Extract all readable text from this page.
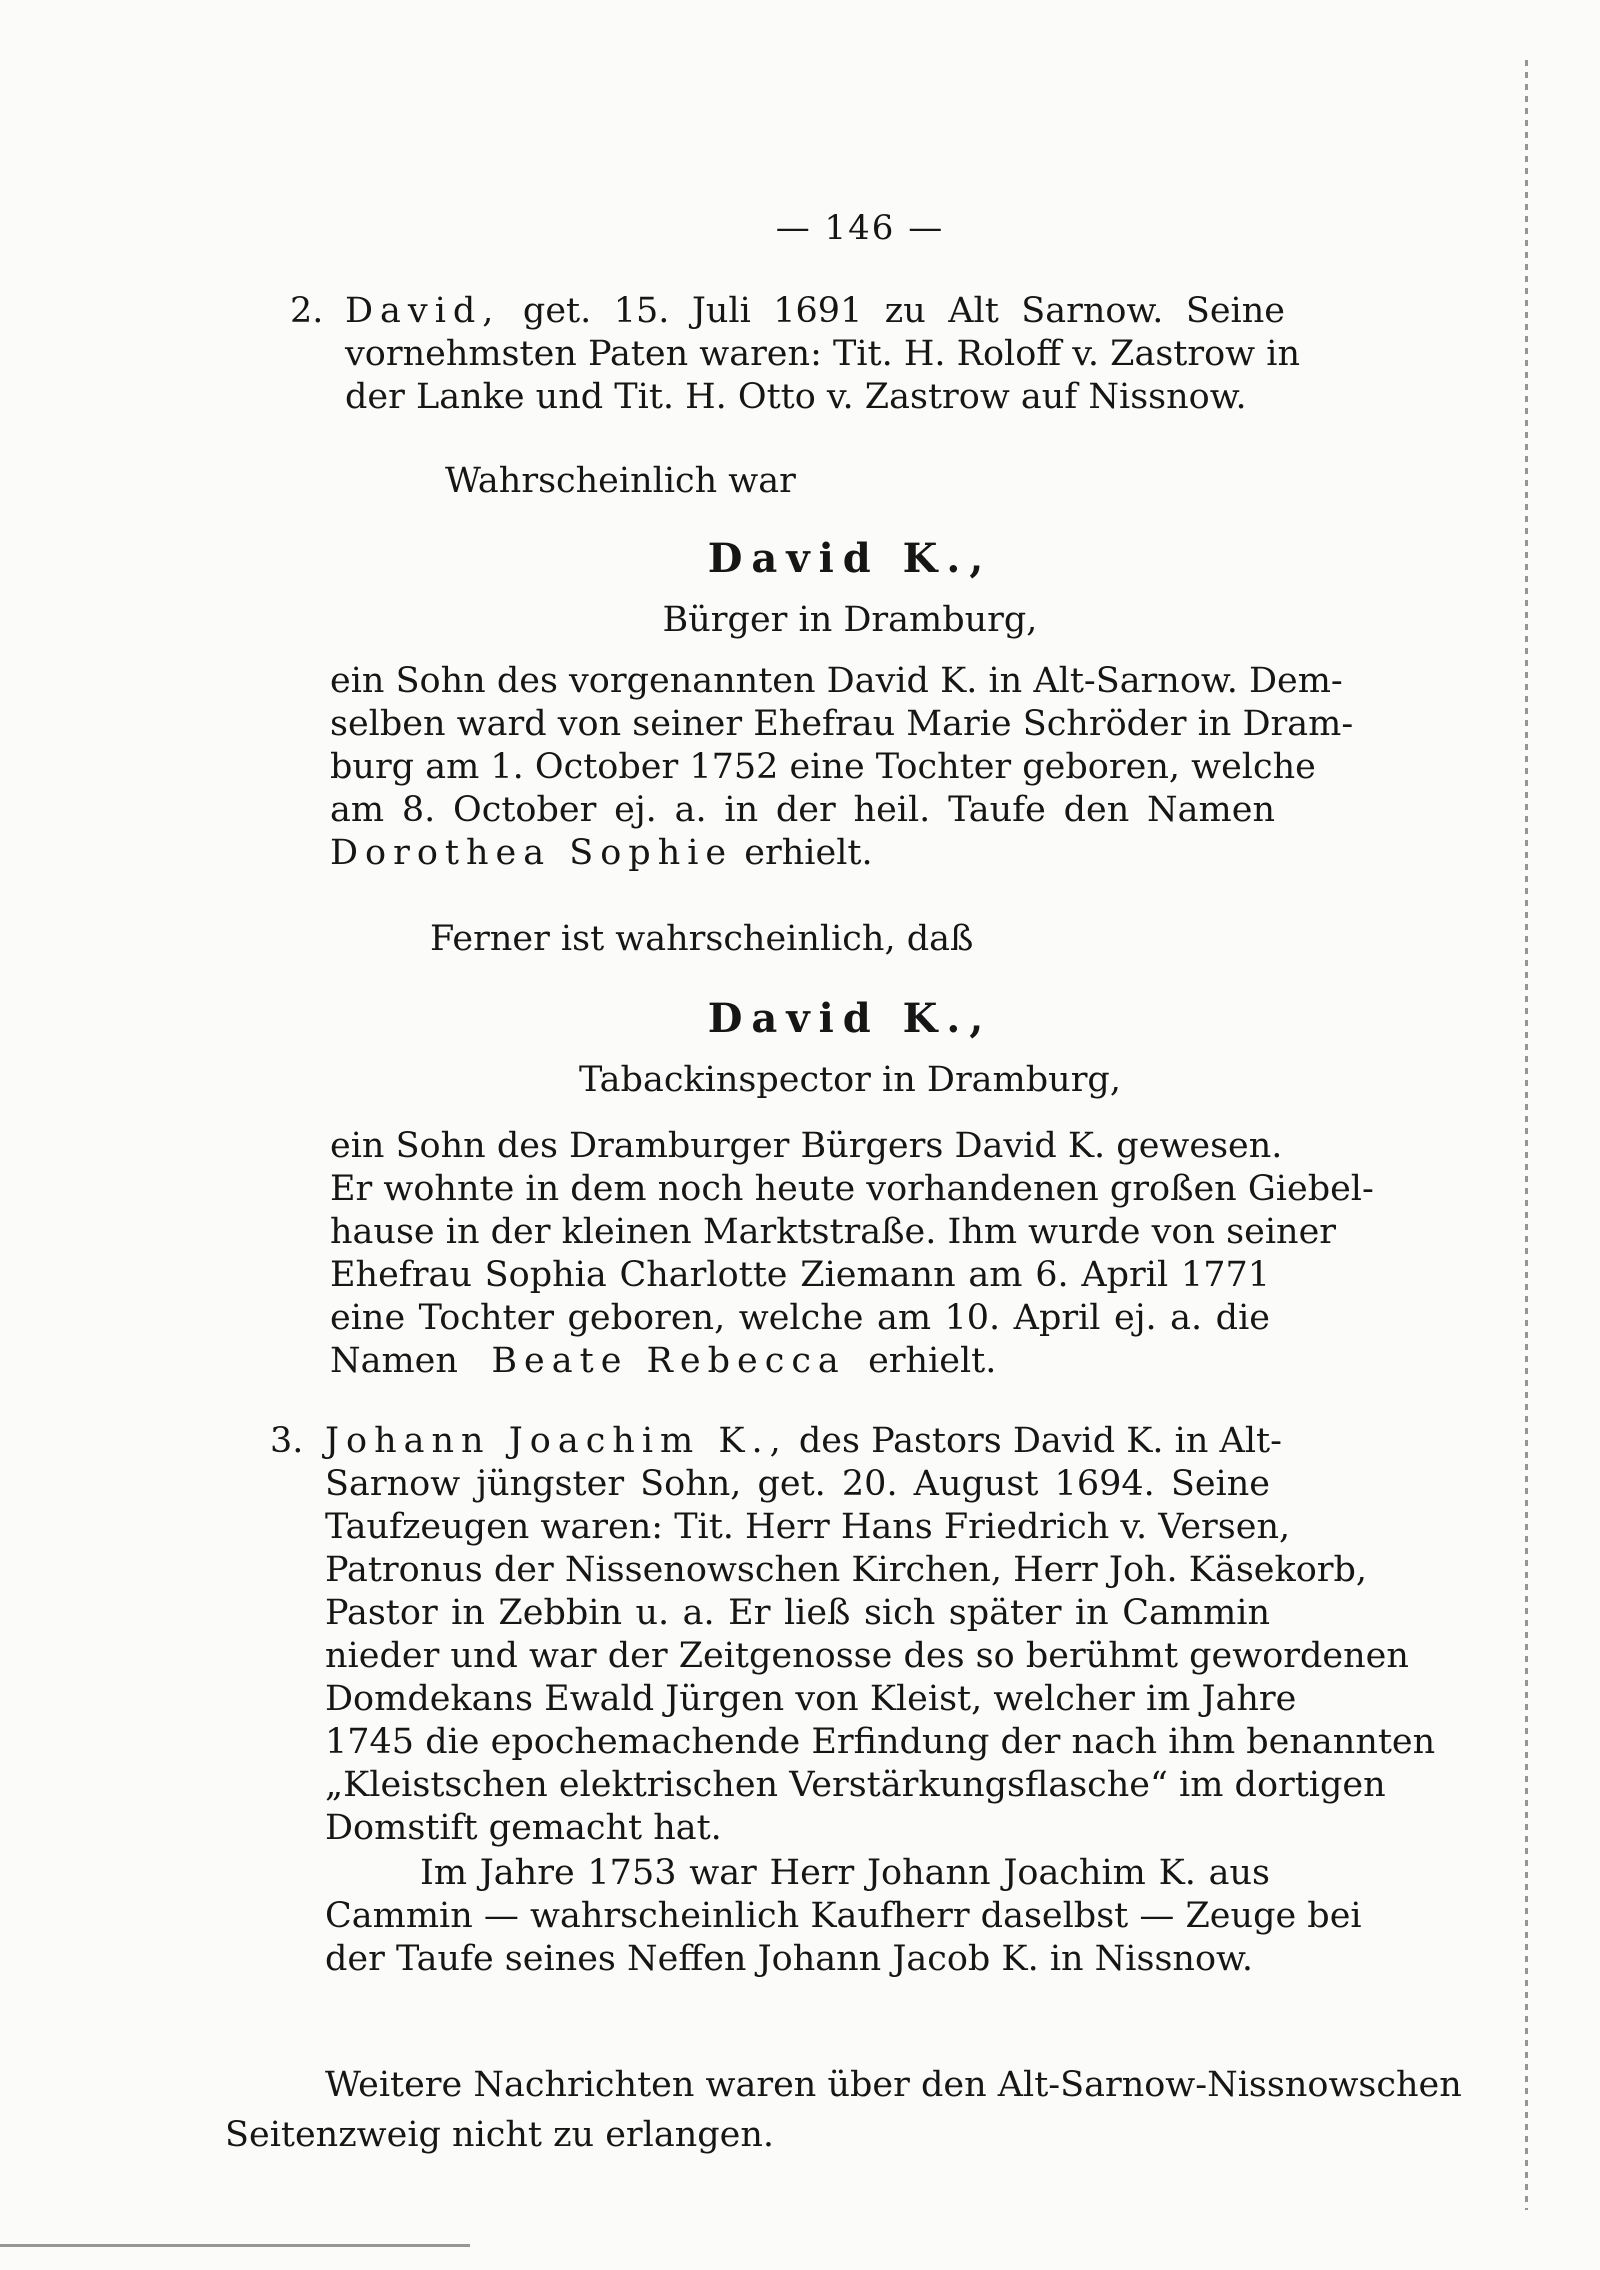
— 146 —
2. David, get. 15. Juli 1691 zu Alt Sarnow. Seine
vornehmsten Paten waren: Tit. H. Roloff v. Zastrow in
der Lanke und Tit. H. Otto v. Zastrow auf Nissnow.
Wahrscheinlich war
David K.,
Bürger in Dramburg,
ein Sohn des vorgenannten David K. in Alt-Sarnow. Dem-
selben ward von seiner Ehefrau Marie Schröder in Dram-
burg am 1. October 1752 eine Tochter geboren, welche
am 8. October ej. a. in der heil. Taufe den Namen
Dorothea Sophie erhielt.
Ferner ist wahrscheinlich, daß
David K.,
Tabackinspector in Dramburg,
ein Sohn des Dramburger Bürgers David K. gewesen.
Er wohnte in dem noch heute vorhandenen großen Giebel-
hause in der kleinen Marktstraße. Ihm wurde von seiner
Ehefrau Sophia Charlotte Ziemann am 6. April 1771
eine Tochter geboren, welche am 10. April ej. a. die
Namen Beate Rebecca erhielt.
3. Johann Joachim K., des Pastors David K. in Alt-
Sarnow jüngster Sohn, get. 20. August 1694. Seine
Taufzeugen waren: Tit. Herr Hans Friedrich v. Versen,
Patronus der Nissenowschen Kirchen, Herr Joh. Käsekorb,
Pastor in Zebbin u. a. Er ließ sich später in Cammin
nieder und war der Zeitgenosse des so berühmt gewordenen
Domdekans Ewald Jürgen von Kleist, welcher im Jahre
1745 die epochemachende Erfindung der nach ihm benannten
„Kleistschen elektrischen Verstärkungsflasche“ im dortigen
Domstift gemacht hat.
Im Jahre 1753 war Herr Johann Joachim K. aus
Cammin — wahrscheinlich Kaufherr daselbst — Zeuge bei
der Taufe seines Neffen Johann Jacob K. in Nissnow.
Weitere Nachrichten waren über den Alt-Sarnow-Nissnowschen
Seitenzweig nicht zu erlangen.
